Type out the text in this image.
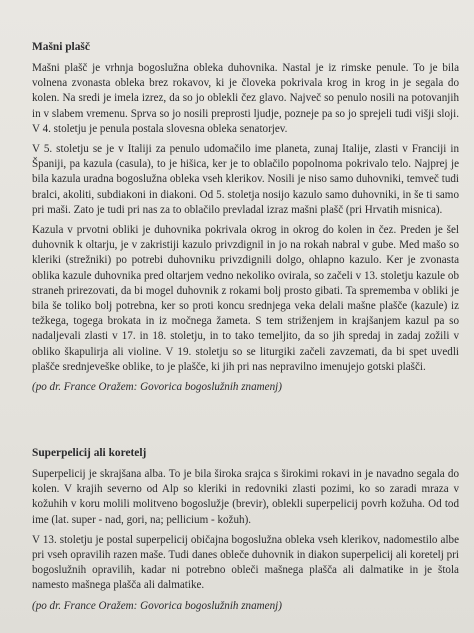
Mašni plašč

Mašni plašč je vrhnja bogoslužna obleka duhovnika. Nastal je iz rimske penule. To je bila volnena zvonasta obleka brez rokavov, ki je človeka pokrivala krog in krog in je segala do kolen. Na sredi je imela izrez, da so jo oblekli čez glavo. Največ so penulo nosili na potovanjih in v slabem vremenu. Sprva so jo nosili preprosti ljudje, pozneje pa so jo sprejeli tudi višji sloji. V 4. stoletju je penula postala slovesna obleka senatorjev.

V 5. stoletju se je v Italiji za penulo udomačilo ime planeta, zunaj Italije, zlasti v Franciji in Španiji, pa kazula (casula), to je hišica, ker je to oblačilo popolnoma pokrivalo telo. Najprej je bila kazula uradna bogoslužna obleka vseh klerikov. Nosili je niso samo duhovniki, temveč tudi bralci, akoliti, subdiakoni in diakoni. Od 5. stoletja nosijo kazulo samo duhovniki, in še ti samo pri maši. Zato je tudi pri nas za to oblačilo prevladal izraz mašni plašč (pri Hrvatih misnica).

Kazula v prvotni obliki je duhovnika pokrivala okrog in okrog do kolen in čez. Preden je šel duhovnik k oltarju, je v zakristiji kazulo privzdignil in jo na rokah nabral v gube. Med mašo so kleriki (strežniki) po potrebi duhovniku privzdignili dolgo, ohlapno kazulo. Ker je zvonasta oblika kazule duhovnika pred oltarjem vedno nekoliko ovirala, so začeli v 13. stoletju kazule ob straneh prirezovati, da bi mogel duhovnik z rokami bolj prosto gibati. Ta sprememba v obliki je bila še toliko bolj potrebna, ker so proti koncu srednjega veka delali mašne plašče (kazule) iz težkega, togega brokata in iz močnega žameta. S tem striženjem in krajšanjem kazul pa so nadaljevali zlasti v 17. in 18. stoletju, in to tako temeljito, da so jih spredaj in zadaj zožili v obliko škapulirja ali violine. V 19. stoletju so se liturgiki začeli zavzemati, da bi spet uvedli plašče srednjeveške oblike, to je plašče, ki jih pri nas nepravilno imenujejo gotski plašči.

(po dr. France Oražem: Govorica bogoslužnih znamenj)

Superpelicij ali koretelj

Superpelicij je skrajšana alba. To je bila široka srajca s širokimi rokavi in je navadno segala do kolen. V krajih severno od Alp so kleriki in redovniki zlasti pozimi, ko so zaradi mraza v kožuhih v koru molili molitveno bogoslužje (brevir), oblekli superpelicij povrh kožuha. Od tod ime (lat. super - nad, gori, na; pellicium - kožuh).

V 13. stoletju je postal superpelicij običajna bogoslužna obleka vseh klerikov, nadomestilo albe pri vseh opravilih razen maše. Tudi danes obleče duhovnik in diakon superpelicij ali koretelj pri bogoslužnih opravilih, kadar ni potrebno obleči mašnega plašča ali dalmatike in je štola namesto mašnega plašča ali dalmatike.

(po dr. France Oražem: Govorica bogoslužnih znamenj)
